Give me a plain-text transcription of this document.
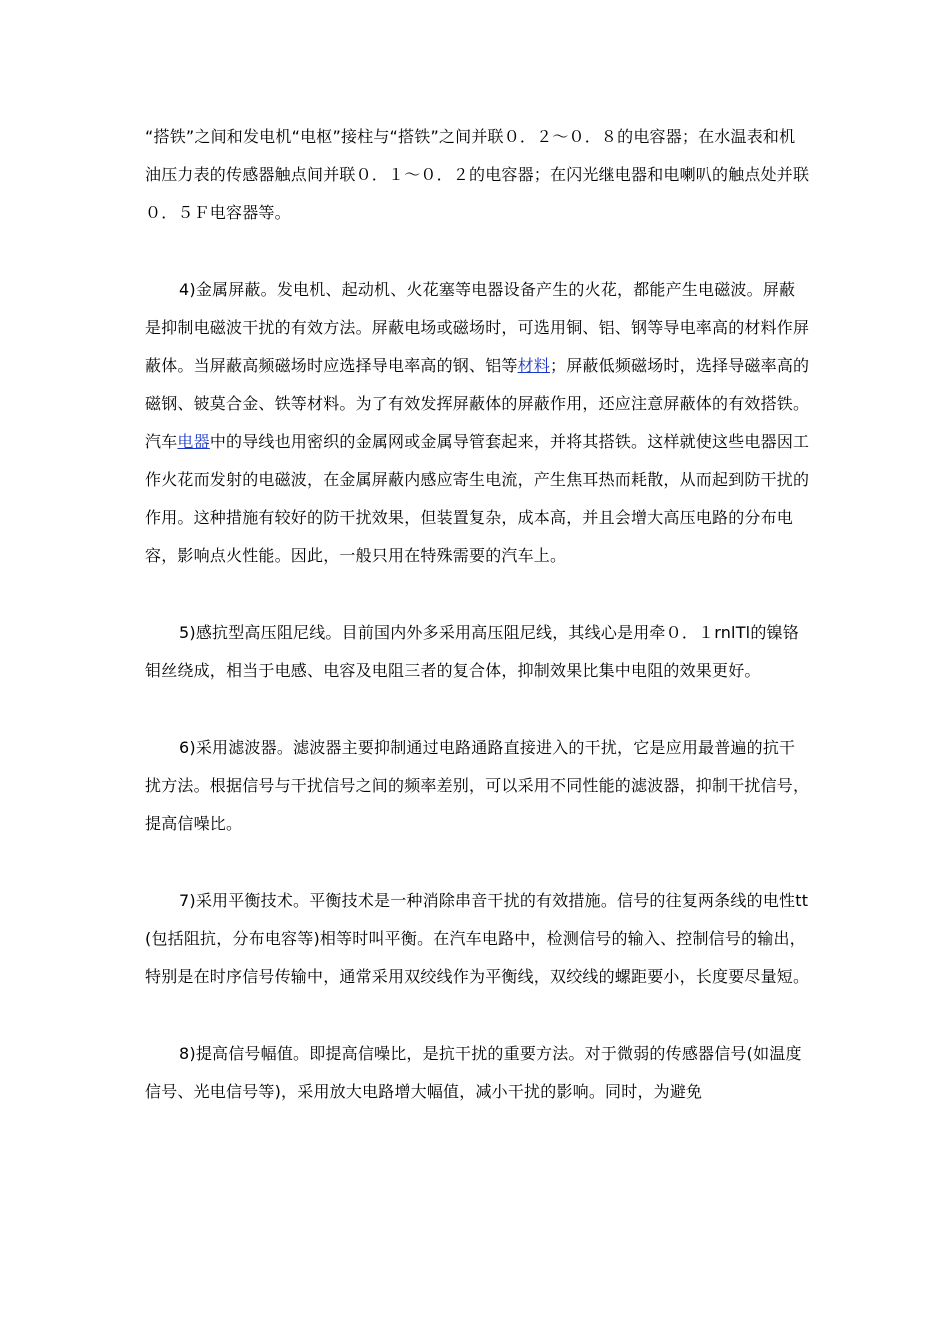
“搭铁”之间和发电机“电枢”接柱与“搭铁”之间并联０．２～０．８的电容器；在水温表和机油压力表的传感器触点间并联０．１～０．２的电容器；在闪光继电器和电喇叭的触点处并联０．５Ｆ电容器等。

4)金属屏蔽。发电机、起动机、火花塞等电器设备产生的火花，都能产生电磁波。屏蔽是抑制电磁波干扰的有效方法。屏蔽电场或磁场时，可选用铜、铝、钢等导电率高的材料作屏蔽体。当屏蔽高频磁场时应选择导电率高的钢、铝等材料；屏蔽低频磁场时，选择导磁率高的磁钢、铍莫合金、铁等材料。为了有效发挥屏蔽体的屏蔽作用，还应注意屏蔽体的有效搭铁。汽车电器中的导线也用密织的金属网或金属导管套起来，并将其搭铁。这样就使这些电器因工作火花而发射的电磁波，在金属屏蔽内感应寄生电流，产生焦耳热而耗散，从而起到防干扰的作用。这种措施有较好的防干扰效果，但装置复杂，成本高，并且会增大高压电路的分布电容，影响点火性能。因此，一般只用在特殊需要的汽车上。

5)感抗型高压阻尼线。目前国内外多采用高压阻尼线，其线心是用牵０．１rnlTl的镍铬钼丝绕成，相当于电感、电容及电阻三者的复合体，抑制效果比集中电阻的效果更好。

6)采用滤波器。滤波器主要抑制通过电路通路直接进入的干扰，它是应用最普遍的抗干扰方法。根据信号与干扰信号之间的频率差别，可以采用不同性能的滤波器，抑制干扰信号，提高信噪比。

7)采用平衡技术。平衡技术是一种消除串音干扰的有效措施。信号的往复两条线的电性tt(包括阻抗，分布电容等)相等时叫平衡。在汽车电路中，检测信号的输入、控制信号的输出，特别是在时序信号传输中，通常采用双绞线作为平衡线，双绞线的螺距要小，长度要尽量短。

8)提高信号幅值。即提高信噪比，是抗干扰的重要方法。对于微弱的传感器信号(如温度信号、光电信号等)，采用放大电路增大幅值，减小干扰的影响。同时，为避免
